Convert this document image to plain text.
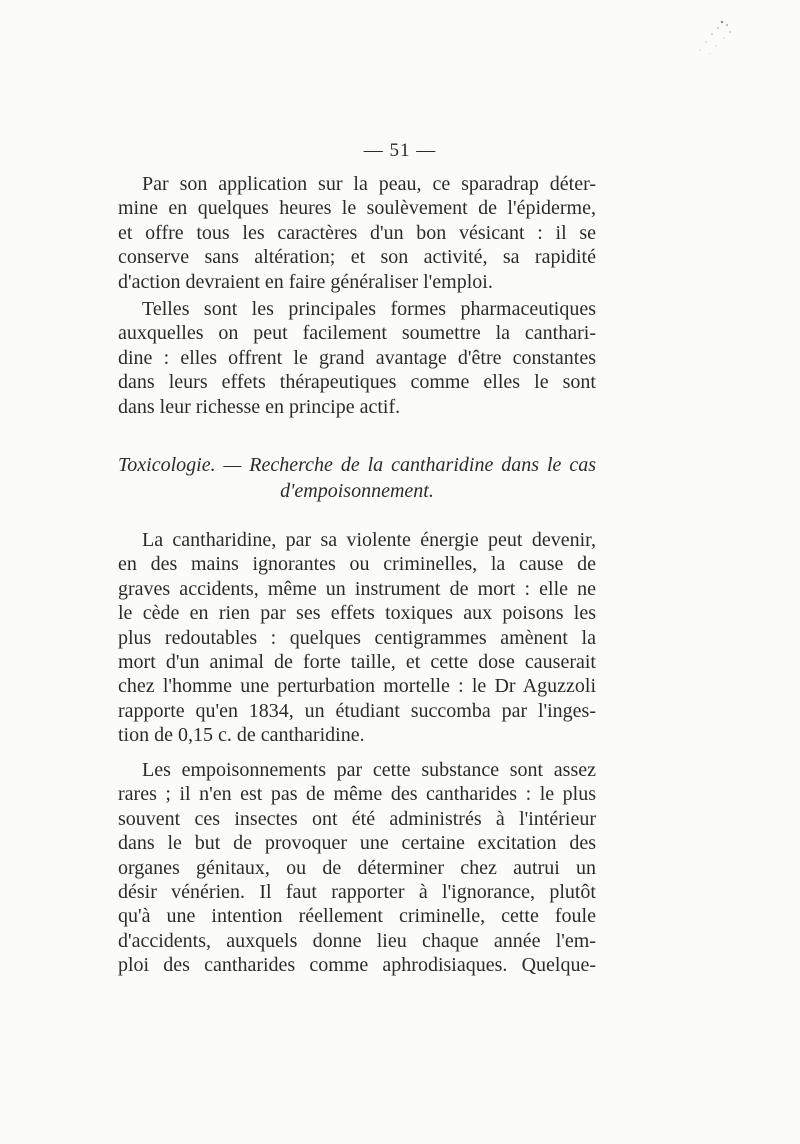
— 51 —
Par son application sur la peau, ce sparadrap déter-
mine en quelques heures le soulèvement de l'épiderme,
et offre tous les caractères d'un bon vésicant : il se
conserve sans altération; et son activité, sa rapidité
d'action devraient en faire généraliser l'emploi.
Telles sont les principales formes pharmaceutiques
auxquelles on peut facilement soumettre la canthari-
dine : elles offrent le grand avantage d'être constantes
dans leurs effets thérapeutiques comme elles le sont
dans leur richesse en principe actif.
Toxicologie. — Recherche de la cantharidine dans le cas
d'empoisonnement.
La cantharidine, par sa violente énergie peut devenir,
en des mains ignorantes ou criminelles, la cause de
graves accidents, même un instrument de mort : elle ne
le cède en rien par ses effets toxiques aux poisons les
plus redoutables : quelques centigrammes amènent la
mort d'un animal de forte taille, et cette dose causerait
chez l'homme une perturbation mortelle : le Dr Aguzzoli
rapporte qu'en 1834, un étudiant succomba par l'inges-
tion de 0,15 c. de cantharidine.
Les empoisonnements par cette substance sont assez
rares ; il n'en est pas de même des cantharides : le plus
souvent ces insectes ont été administrés à l'intérieur
dans le but de provoquer une certaine excitation des
organes génitaux, ou de déterminer chez autrui un
désir vénérien. Il faut rapporter à l'ignorance, plutôt
qu'à une intention réellement criminelle, cette foule
d'accidents, auxquels donne lieu chaque année l'em-
ploi des cantharides comme aphrodisiaques. Quelque-
